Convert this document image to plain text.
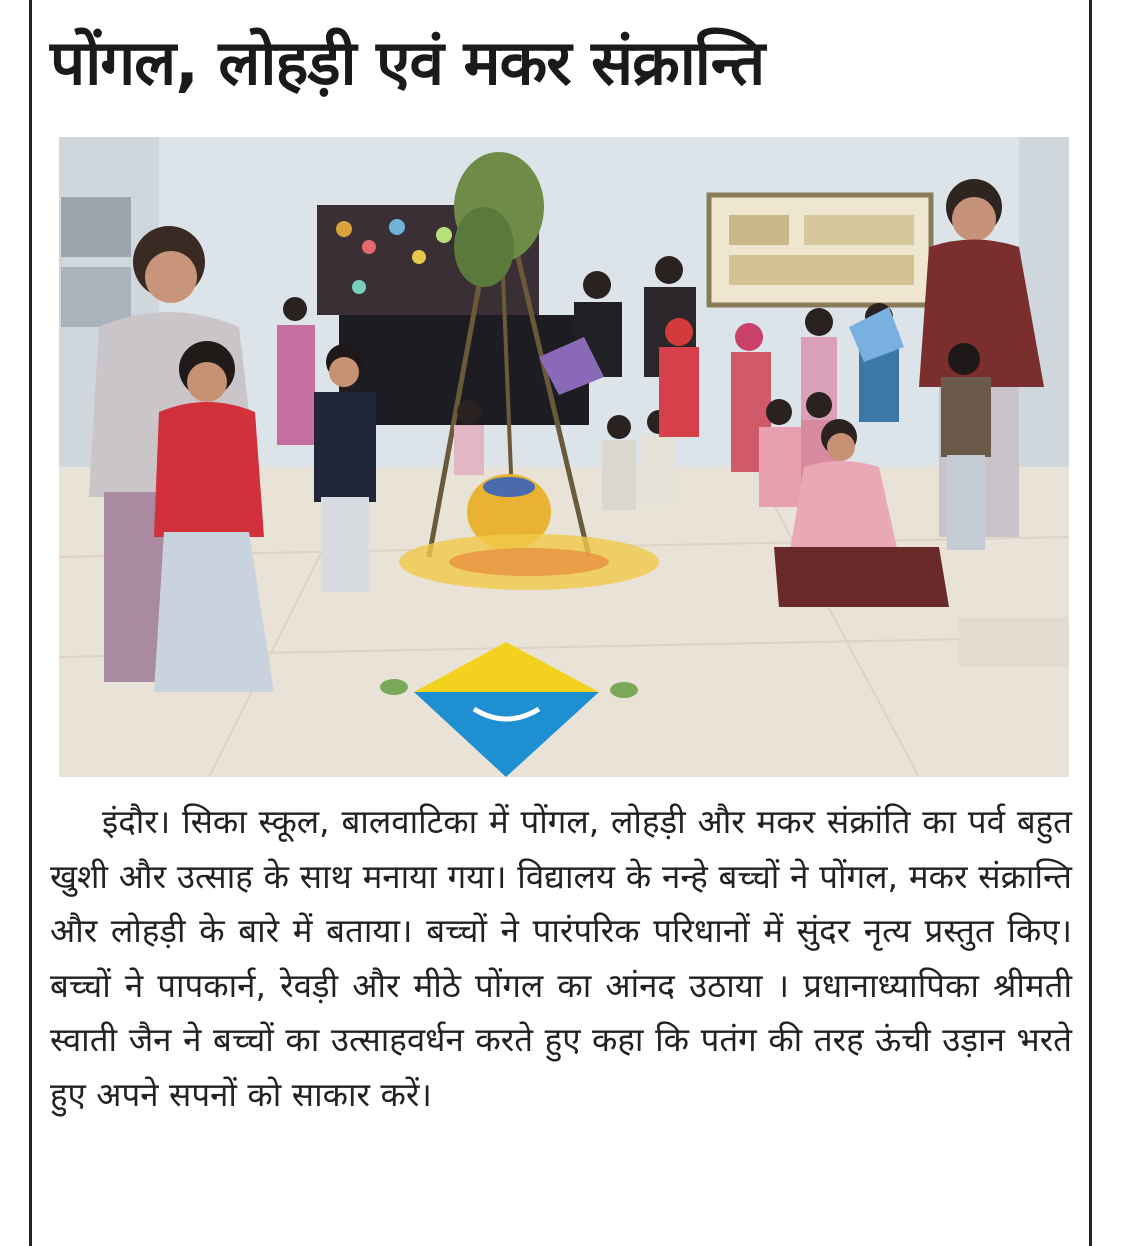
पोंगल, लोहड़ी एवं मकर संक्रान्ति
इंदौर। सिका स्कूल, बालवाटिका में पोंगल, लोहड़ी और मकर संक्रांति का पर्व बहुत खुशी और उत्साह के साथ मनाया गया। विद्यालय के नन्हे बच्चों ने पोंगल, मकर संक्रान्ति और लोहड़ी के बारे में बताया। बच्चों ने पारंपरिक परिधानों में सुंदर नृत्य प्रस्तुत किए। बच्चों ने पापकार्न, रेवड़ी और मीठे पोंगल का आंनद उठाया । प्रधानाध्यापिका श्रीमती स्वाती जैन ने बच्चों का उत्साहवर्धन करते हुए कहा कि पतंग की तरह ऊंची उड़ान भरते हुए अपने सपनों को साकार करें।
